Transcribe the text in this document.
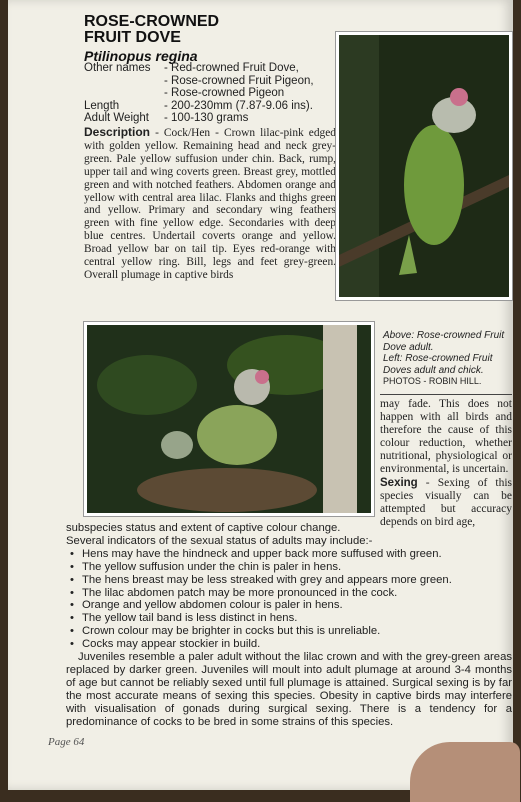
ROSE-CROWNED
FRUIT DOVE
Ptilinopus regina
Other names	- Red-crowned Fruit Dove,
- Rose-crowned Fruit Pigeon,
- Rose-crowned Pigeon
Length	- 200-230mm (7.87-9.06 ins).
Adult Weight	- 100-130 grams
Description - Cock/Hen - Crown lilac-pink edged with golden yellow. Remaining head and neck grey-green. Pale yellow suffusion under chin. Back, rump, upper tail and wing coverts green. Breast grey, mottled green and with notched feathers. Abdomen orange and yellow with central area lilac. Flanks and thighs green and yellow. Primary and secondary wing feathers green with fine yellow edge. Secondaries with deep blue centres. Undertail coverts orange and yellow. Broad yellow bar on tail tip. Eyes red-orange with central yellow ring. Bill, legs and feet grey-green. Overall plumage in captive birds
Above: Rose-crowned Fruit Dove adult.
Left: Rose-crowned Fruit Doves adult and chick.
PHOTOS - ROBIN HILL.
may fade. This does not happen with all birds and therefore the cause of this colour reduction, whether nutritional, physiological or environmental, is uncertain.
Sexing - Sexing of this species visually can be attempted but accuracy depends on bird age,
subspecies status and extent of captive colour change.
Several indicators of the sexual status of adults may include:-
• Hens may have the hindneck and upper back more suffused with green.
• The yellow suffusion under the chin is paler in hens.
• The hens breast may be less streaked with grey and appears more green.
• The lilac abdomen patch may be more pronounced in the cock.
• Orange and yellow abdomen colour is paler in hens.
• The yellow tail band is less distinct in hens.
• Crown colour may be brighter in cocks but this is unreliable.
• Cocks may appear stockier in build.
Juveniles resemble a paler adult without the lilac crown and with the grey-green areas replaced by darker green. Juveniles will moult into adult plumage at around 3-4 months of age but cannot be reliably sexed until full plumage is attained. Surgical sexing is by far the most accurate means of sexing this species. Obesity in captive birds may interfere with visualisation of gonads during surgical sexing. There is a tendency for a predominance of cocks to be bred in some strains of this species.
Page 64
